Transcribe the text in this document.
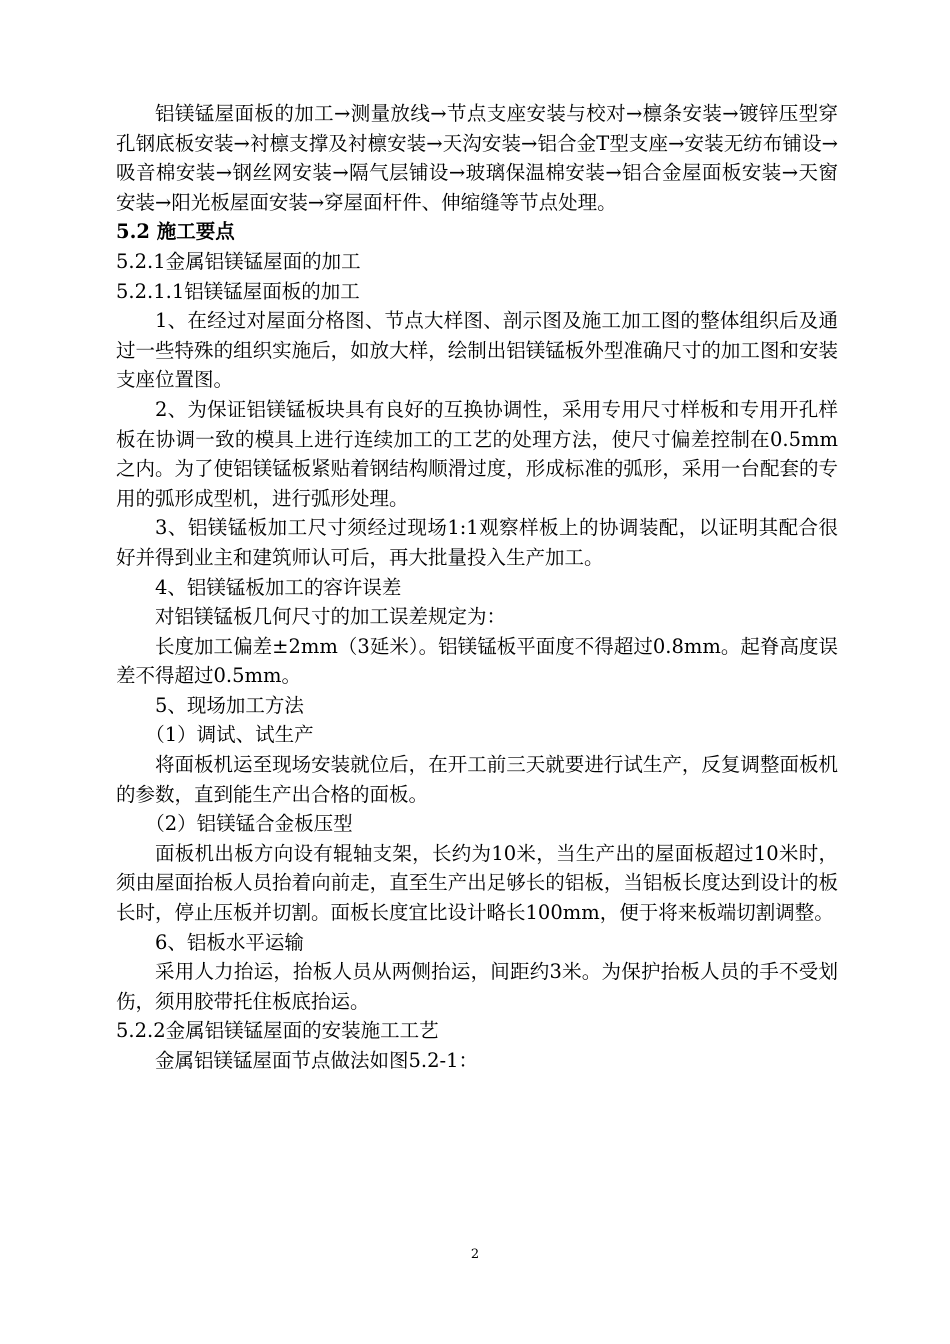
铝镁锰屋面板的加工→测量放线→节点支座安装与校对→檩条安装→镀锌压型穿孔钢底板安装→衬檩支撑及衬檩安装→天沟安装→铝合金T型支座→安装无纺布铺设→吸音棉安装→钢丝网安装→隔气层铺设→玻璃保温棉安装→铝合金屋面板安装→天窗安装→阳光板屋面安装→穿屋面杆件、伸缩缝等节点处理。

5.2 施工要点

5.2.1金属铝镁锰屋面的加工

5.2.1.1铝镁锰屋面板的加工

1、在经过对屋面分格图、节点大样图、剖示图及施工加工图的整体组织后及通过一些特殊的组织实施后，如放大样，绘制出铝镁锰板外型准确尺寸的加工图和安装支座位置图。

2、为保证铝镁锰板块具有良好的互换协调性，采用专用尺寸样板和专用开孔样板在协调一致的模具上进行连续加工的工艺的处理方法，使尺寸偏差控制在0.5mm之内。为了使铝镁锰板紧贴着钢结构顺滑过度，形成标准的弧形，采用一台配套的专用的弧形成型机，进行弧形处理。

3、铝镁锰板加工尺寸须经过现场1:1观察样板上的协调装配，以证明其配合很好并得到业主和建筑师认可后，再大批量投入生产加工。

4、铝镁锰板加工的容许误差

对铝镁锰板几何尺寸的加工误差规定为：

长度加工偏差±2mm（3延米）。铝镁锰板平面度不得超过0.8mm。起脊高度误差不得超过0.5mm。

5、现场加工方法

（1）调试、试生产

将面板机运至现场安装就位后，在开工前三天就要进行试生产，反复调整面板机的参数，直到能生产出合格的面板。

（2）铝镁锰合金板压型

面板机出板方向设有辊轴支架，长约为10米，当生产出的屋面板超过10米时，须由屋面抬板人员抬着向前走，直至生产出足够长的铝板，当铝板长度达到设计的板长时，停止压板并切割。面板长度宜比设计略长100mm，便于将来板端切割调整。

6、铝板水平运输

采用人力抬运，抬板人员从两侧抬运，间距约3米。为保护抬板人员的手不受划伤，须用胶带托住板底抬运。

5.2.2金属铝镁锰屋面的安装施工工艺

金属铝镁锰屋面节点做法如图5.2-1：

2
